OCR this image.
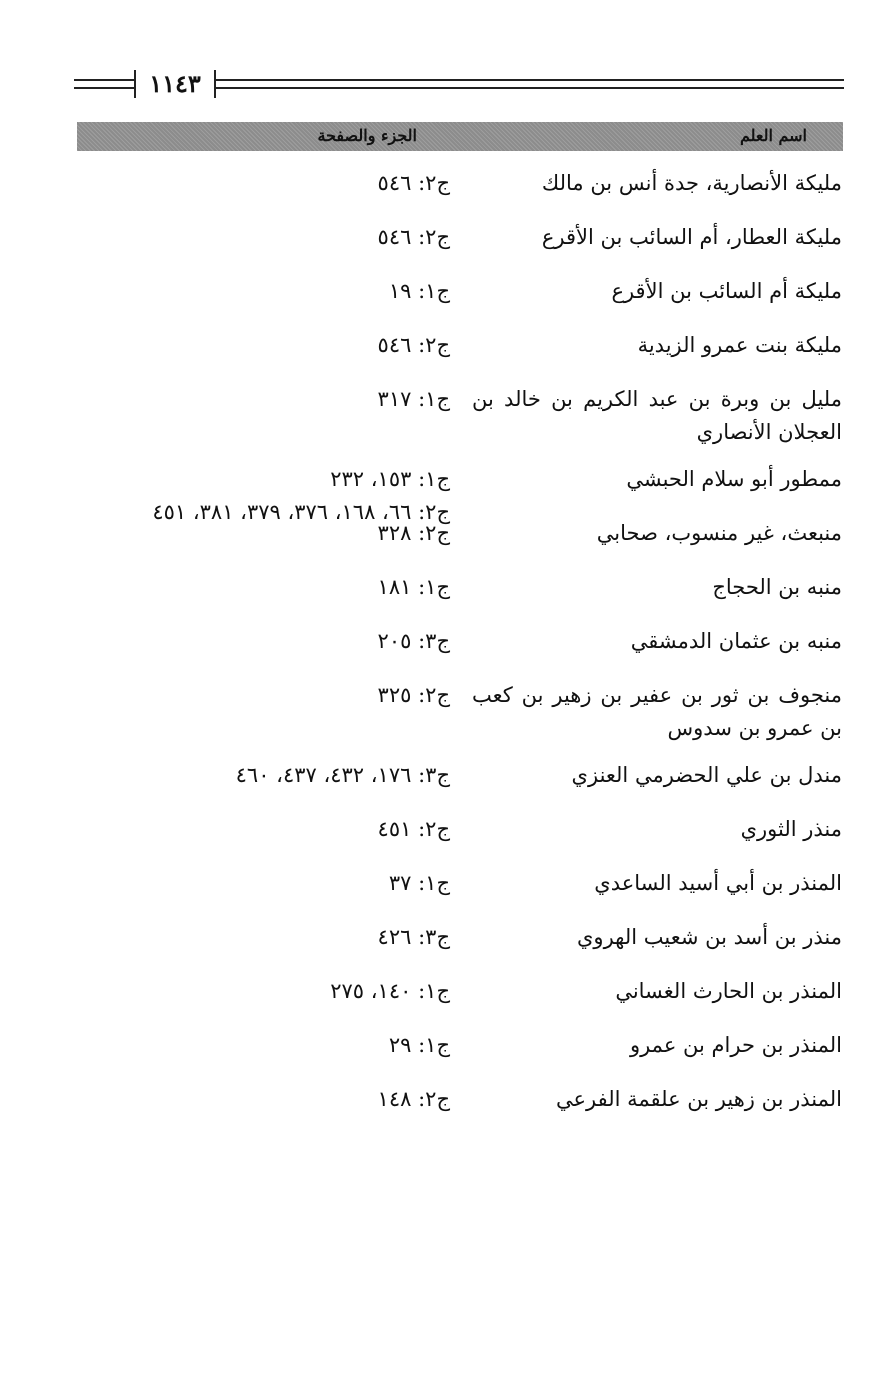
١١٤٣
اسم العلم
الجزء والصفحة
مليكة الأنصارية، جدة أنس بن مالك
ج٢: ٥٤٦
مليكة العطار، أم السائب بن الأقرع
ج٢: ٥٤٦
مليكة أم السائب بن الأقرع
ج١: ١٩
مليكة بنت عمرو الزيدية
ج٢: ٥٤٦
مليل بن وبرة بن عبد الكريم بن خالد بن العجلان الأنصاري
ج١: ٣١٧
ممطور أبو سلام الحبشي
ج١: ١٥٣، ٢٣٢
ج٢: ٦٦، ١٦٨، ٣٧٦، ٣٧٩، ٣٨١، ٤٥١
منبعث، غير منسوب، صحابي
ج٢: ٣٢٨
منبه بن الحجاج
ج١: ١٨١
منبه بن عثمان الدمشقي
ج٣: ٢٠٥
منجوف بن ثور بن عفير بن زهير بن كعب بن عمرو بن سدوس
ج٢: ٣٢٥
مندل بن علي الحضرمي العنزي
ج٣: ١٧٦، ٤٣٢، ٤٣٧، ٤٦٠
منذر الثوري
ج٢: ٤٥١
المنذر بن أبي أسيد الساعدي
ج١: ٣٧
منذر بن أسد بن شعيب الهروي
ج٣: ٤٢٦
المنذر بن الحارث الغساني
ج١: ١٤٠، ٢٧٥
المنذر بن حرام بن عمرو
ج١: ٢٩
المنذر بن زهير بن علقمة الفرعي
ج٢: ١٤٨
